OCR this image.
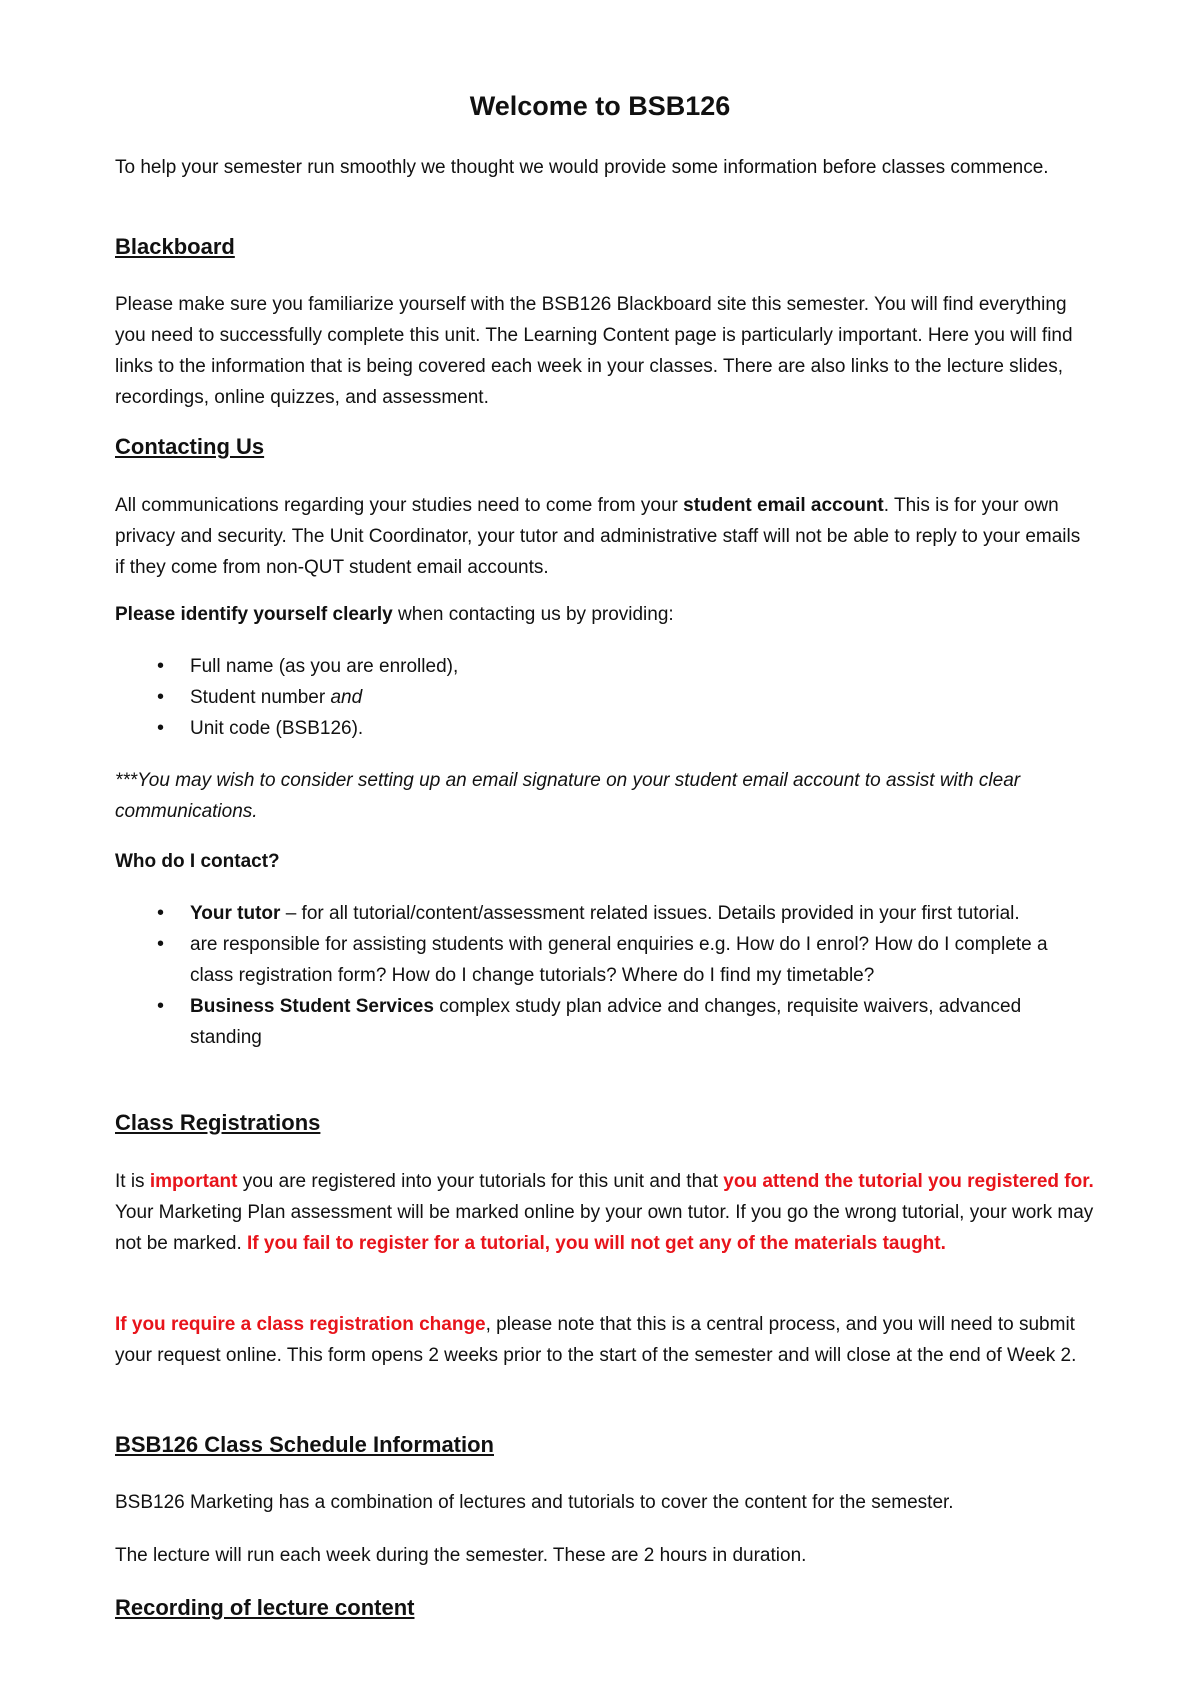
Welcome to BSB126

To help your semester run smoothly we thought we would provide some information before classes commence.

Blackboard

Please make sure you familiarize yourself with the BSB126 Blackboard site this semester. You will find everything you need to successfully complete this unit. The Learning Content page is particularly important. Here you will find links to the information that is being covered each week in your classes. There are also links to the lecture slides, recordings, online quizzes, and assessment.

Contacting Us

All communications regarding your studies need to come from your student email account. This is for your own privacy and security. The Unit Coordinator, your tutor and administrative staff will not be able to reply to your emails if they come from non-QUT student email accounts.

Please identify yourself clearly when contacting us by providing:

• Full name (as you are enrolled),
• Student number and
• Unit code (BSB126).

***You may wish to consider setting up an email signature on your student email account to assist with clear communications.

Who do I contact?

• Your tutor – for all tutorial/content/assessment related issues. Details provided in your first tutorial.
• are responsible for assisting students with general enquiries e.g. How do I enrol? How do I complete a class registration form? How do I change tutorials? Where do I find my timetable?
• Business Student Services complex study plan advice and changes, requisite waivers, advanced standing
Class Registrations

It is important you are registered into your tutorials for this unit and that you attend the tutorial you registered for. Your Marketing Plan assessment will be marked online by your own tutor. If you go the wrong tutorial, your work may not be marked. If you fail to register for a tutorial, you will not get any of the materials taught.

If you require a class registration change, please note that this is a central process, and you will need to submit your request online. This form opens 2 weeks prior to the start of the semester and will close at the end of Week 2.

BSB126 Class Schedule Information

BSB126 Marketing has a combination of lectures and tutorials to cover the content for the semester.

The lecture will run each week during the semester. These are 2 hours in duration.

Recording of lecture content
